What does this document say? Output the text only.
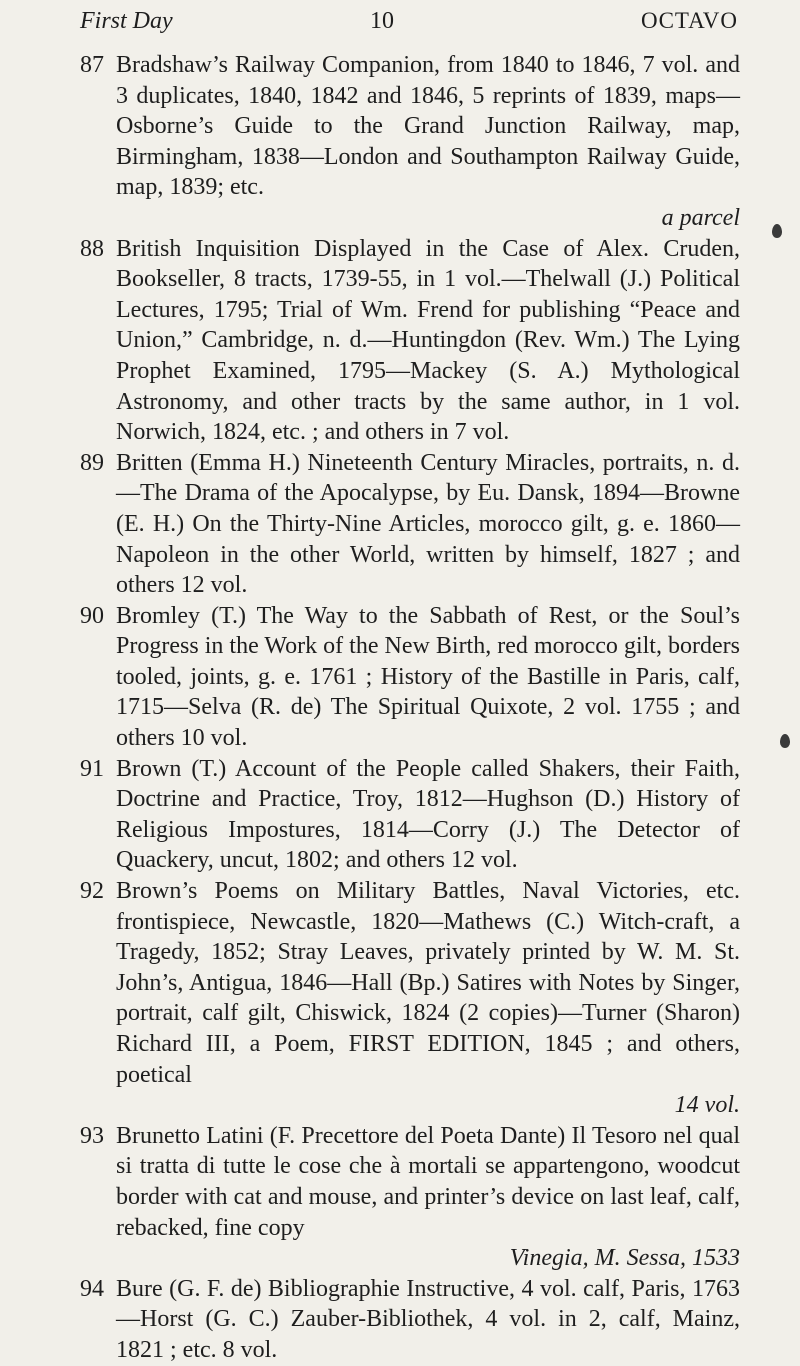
First Day	10	OCTAVO
87 Bradshaw’s Railway Companion, from 1840 to 1846, 7 vol. and 3 duplicates, 1840, 1842 and 1846, 5 reprints of 1839, maps—Osborne’s Guide to the Grand Junction Railway, map, Birmingham, 1838—London and Southampton Railway Guide, map, 1839; etc.
a parcel
88 British Inquisition Displayed in the Case of Alex. Cruden, Bookseller, 8 tracts, 1739-55, in 1 vol.—Thelwall (J.) Political Lectures, 1795; Trial of Wm. Frend for publishing “Peace and Union,” Cambridge, n. d.—Huntingdon (Rev. Wm.) The Lying Prophet Examined, 1795—Mackey (S. A.) Mythological Astronomy, and other tracts by the same author, in 1 vol. Norwich, 1824, etc. ; and others in 7 vol.
89 Britten (Emma H.) Nineteenth Century Miracles, portraits, n. d.—The Drama of the Apocalypse, by Eu. Dansk, 1894—Browne (E. H.) On the Thirty-Nine Articles, morocco gilt, g. e. 1860—Napoleon in the other World, written by himself, 1827 ; and others 12 vol.
90 Bromley (T.) The Way to the Sabbath of Rest, or the Soul’s Progress in the Work of the New Birth, red morocco gilt, borders tooled, joints, g. e. 1761 ; History of the Bastille in Paris, calf, 1715—Selva (R. de) The Spiritual Quixote, 2 vol. 1755 ; and others 10 vol.
91 Brown (T.) Account of the People called Shakers, their Faith, Doctrine and Practice, Troy, 1812—Hughson (D.) History of Religious Impostures, 1814—Corry (J.) The Detector of Quackery, uncut, 1802; and others 12 vol.
92 Brown’s Poems on Military Battles, Naval Victories, etc. frontispiece, Newcastle, 1820—Mathews (C.) Witch-craft, a Tragedy, 1852; Stray Leaves, privately printed by W. M. St. John’s, Antigua, 1846—Hall (Bp.) Satires with Notes by Singer, portrait, calf gilt, Chiswick, 1824 (2 copies)—Turner (Sharon) Richard III, a Poem, FIRST EDITION, 1845 ; and others, poetical
14 vol.
93 Brunetto Latini (F. Precettore del Poeta Dante) Il Tesoro nel qual si tratta di tutte le cose che à mortali se appartengono, woodcut border with cat and mouse, and printer’s device on last leaf, calf, rebacked, fine copy
Vinegia, M. Sessa, 1533
94 Bure (G. F. de) Bibliographie Instructive, 4 vol. calf, Paris, 1763—Horst (G. C.) Zauber-Bibliothek, 4 vol. in 2, calf, Mainz, 1821 ; etc. 8 vol.
